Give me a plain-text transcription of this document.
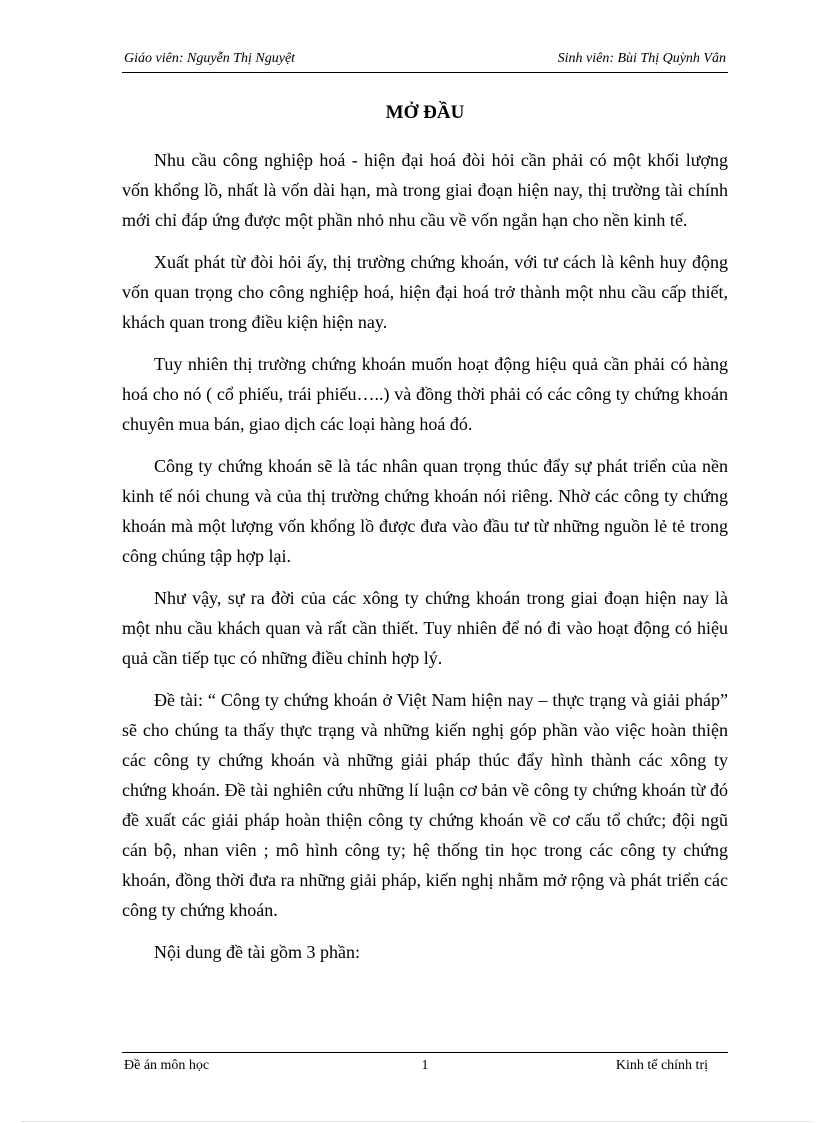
Giáo viên: Nguyễn Thị Nguyệt	Sinh viên: Bùi Thị Quỳnh Vân
MỞ ĐẦU

Nhu cầu công nghiệp hoá - hiện đại hoá đòi hỏi cần phải có một khối lượng vốn khổng lồ, nhất là vốn dài hạn, mà trong giai đoạn hiện nay, thị trường tài chính mới chỉ đáp ứng được một phần nhỏ nhu cầu về vốn ngắn hạn cho nền kinh tế.

Xuất phát từ đòi hỏi ấy, thị trường chứng khoán, với tư cách là kênh huy động vốn quan trọng cho công nghiệp hoá, hiện đại hoá trở thành một nhu cầu cấp thiết, khách quan trong điều kiện hiện nay.

Tuy nhiên thị trường chứng khoán muốn hoạt động hiệu quả cần phải có hàng hoá cho nó ( cổ phiếu, trái phiếu…..) và đồng thời phải có các công ty chứng khoán chuyên mua bán, giao dịch các loại hàng hoá đó.

Công ty chứng khoán sẽ là tác nhân quan trọng thúc đẩy sự phát triển của nền kinh tế nói chung và của thị trường chứng khoán nói riêng. Nhờ các công ty chứng khoán mà một lượng vốn khổng lồ được đưa vào đầu tư từ những nguồn lẻ tẻ trong công chúng tập hợp lại.

Như vậy, sự ra đời của các xông ty chứng khoán trong giai đoạn hiện nay là một nhu cầu khách quan và rất cần thiết. Tuy nhiên để nó đi vào hoạt động có hiệu quả cần tiếp tục có những điều chỉnh hợp lý.

Đề tài: “ Công ty chứng khoán ở Việt Nam hiện nay – thực trạng và giải pháp” sẽ cho chúng ta thấy thực trạng và những kiến nghị góp phần vào việc hoàn thiện các công ty chứng khoán và những giải pháp thúc đẩy hình thành các xông ty chứng khoán. Đề tài nghiên cứu những lí luận cơ bản về công ty chứng khoán từ đó đề xuất các giải pháp hoàn thiện công ty chứng khoán về cơ cấu tổ chức; đội ngũ cán bộ, nhan viên ; mô hình công ty; hệ thống tin học trong các công ty chứng khoán, đồng thời đưa ra những giải pháp, kiến nghị nhằm mở rộng và phát triển các công ty chứng khoán.

Nội dung đề tài gồm 3 phần:

Đề án môn học	1	Kinh tế chính trị
